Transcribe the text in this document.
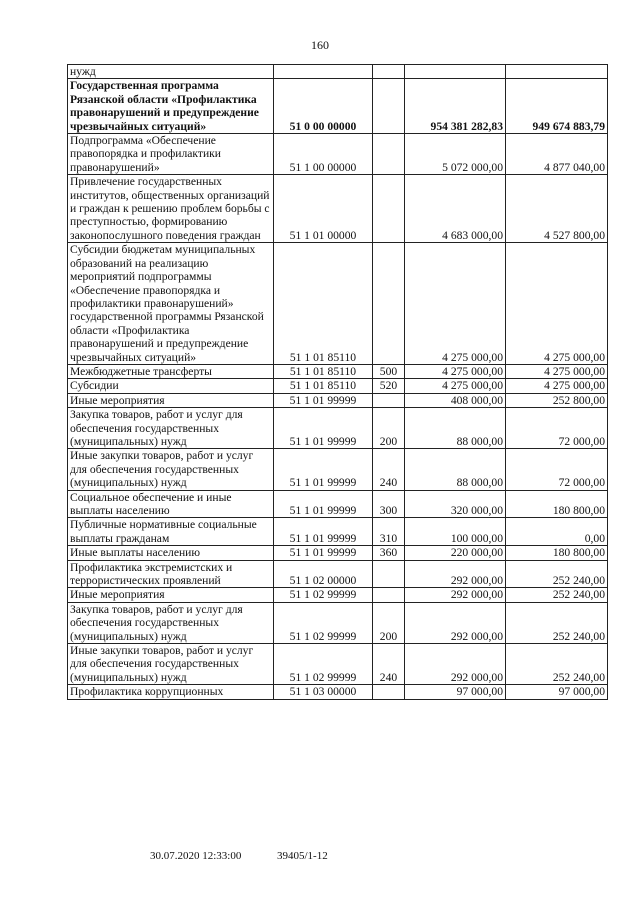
160
нужд				
Государственная программа Рязанской области «Профилактика правонарушений и предупреждение чрезвычайных ситуаций»	51 0 00 00000		954 381 282,83	949 674 883,79
Подпрограмма «Обеспечение правопорядка и профилактики правонарушений»	51 1 00 00000		5 072 000,00	4 877 040,00
Привлечение государственных институтов, общественных организаций и граждан к решению проблем борьбы с преступностью, формированию законопослушного поведения граждан	51 1 01 00000		4 683 000,00	4 527 800,00
Субсидии бюджетам муниципальных образований на реализацию мероприятий подпрограммы «Обеспечение правопорядка и профилактики правонарушений» государственной программы Рязанской области «Профилактика правонарушений и предупреждение чрезвычайных ситуаций»	51 1 01 85110		4 275 000,00	4 275 000,00
Межбюджетные трансферты	51 1 01 85110	500	4 275 000,00	4 275 000,00
Субсидии	51 1 01 85110	520	4 275 000,00	4 275 000,00
Иные мероприятия	51 1 01 99999		408 000,00	252 800,00
Закупка товаров, работ и услуг для обеспечения государственных (муниципальных) нужд	51 1 01 99999	200	88 000,00	72 000,00
Иные закупки товаров, работ и услуг для обеспечения государственных (муниципальных) нужд	51 1 01 99999	240	88 000,00	72 000,00
Социальное обеспечение и иные выплаты населению	51 1 01 99999	300	320 000,00	180 800,00
Публичные нормативные социальные выплаты гражданам	51 1 01 99999	310	100 000,00	0,00
Иные выплаты населению	51 1 01 99999	360	220 000,00	180 800,00
Профилактика экстремистских и террористических проявлений	51 1 02 00000		292 000,00	252 240,00
Иные мероприятия	51 1 02 99999		292 000,00	252 240,00
Закупка товаров, работ и услуг для обеспечения государственных (муниципальных) нужд	51 1 02 99999	200	292 000,00	252 240,00
Иные закупки товаров, работ и услуг для обеспечения государственных (муниципальных) нужд	51 1 02 99999	240	292 000,00	252 240,00
Профилактика коррупционных	51 1 03 00000		97 000,00	97 000,00
30.07.2020 12:33:00	39405/1-12
